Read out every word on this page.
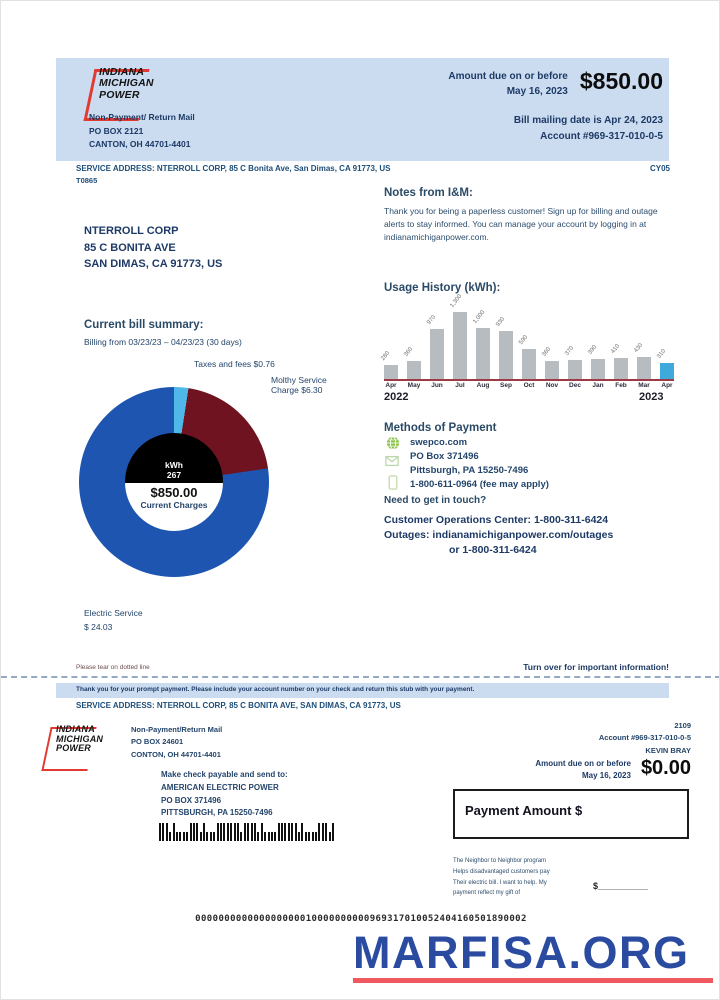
INDIANA
MICHIGAN
POWER
Non-Payment/ Return Mail
PO BOX 2121
CANTON, OH 44701-4401
Amount due on or before
May 16, 2023 $850.00
Bill mailing date is Apr 24, 2023
Account #969-317-010-0-5
SERVICE ADDRESS: NTERROLL CORP, 85 C Bonita Ave, San Dimas, CA 91773, US	CY05
T0865
NTERROLL CORP
85 C BONITA AVE
SAN DIMAS, CA 91773, US
Notes from I&M:
Thank you for being a paperless customer! Sign up for billing and outage alerts to stay informed. You can manage your account by logging in at indianamichiganpower.com.
Current bill summary:
Billing from 03/23/23 – 04/23/23 (30 days)
Taxes and fees $0.76
Molthy Service
Charge $6.30
kWh
267
$850.00
Current Charges
Electric Service
$ 24.03
Usage History (kWh):
280 360
970
1,300
1,000 930
590
360 370 390 410 430
310
Apr May Jun	Jul	Aug Sep Oct Nov Dec Jan Feb Mar Apr
2022	2023
Methods of Payment
swepco.com
PO Box 371496
Pittsburgh, PA 15250-7496
1-800-611-0964 (fee may apply)
Need to get in touch?
Customer Operations Center: 1-800-311-6424
Outages: indianamichiganpower.com/outages
or 1-800-311-6424
Please tear on dotted line	Turn over for important information!
Thank you for your prompt payment. Please include your account number on your check and return this stub with your payment.
SERVICE ADDRESS: NTERROLL CORP, 85 C BONITA AVE, SAN DIMAS, CA 91773, US
INDIANA
MICHIGAN
POWER
Non-Payment/Return Mail
PO BOX 24601
CONTON, OH 44701-4401
2109
Account #969-317-010-0-5
KEVIN BRAY
Amount due on or before
May 16, 2023 $0.00
Make check payable and send to:
AMERICAN ELECTRIC POWER
PO BOX 371496
PITTSBURGH, PA 15250-7496	Payment Amount $
The Neighbor to Neighbor program
Helps disadvantaged customers pay
Their electric bill. I want to help. My
payment reflect my gift of
$__________
000000000000000000010000000000969317010052404160501890002
MARFISA.ORG
